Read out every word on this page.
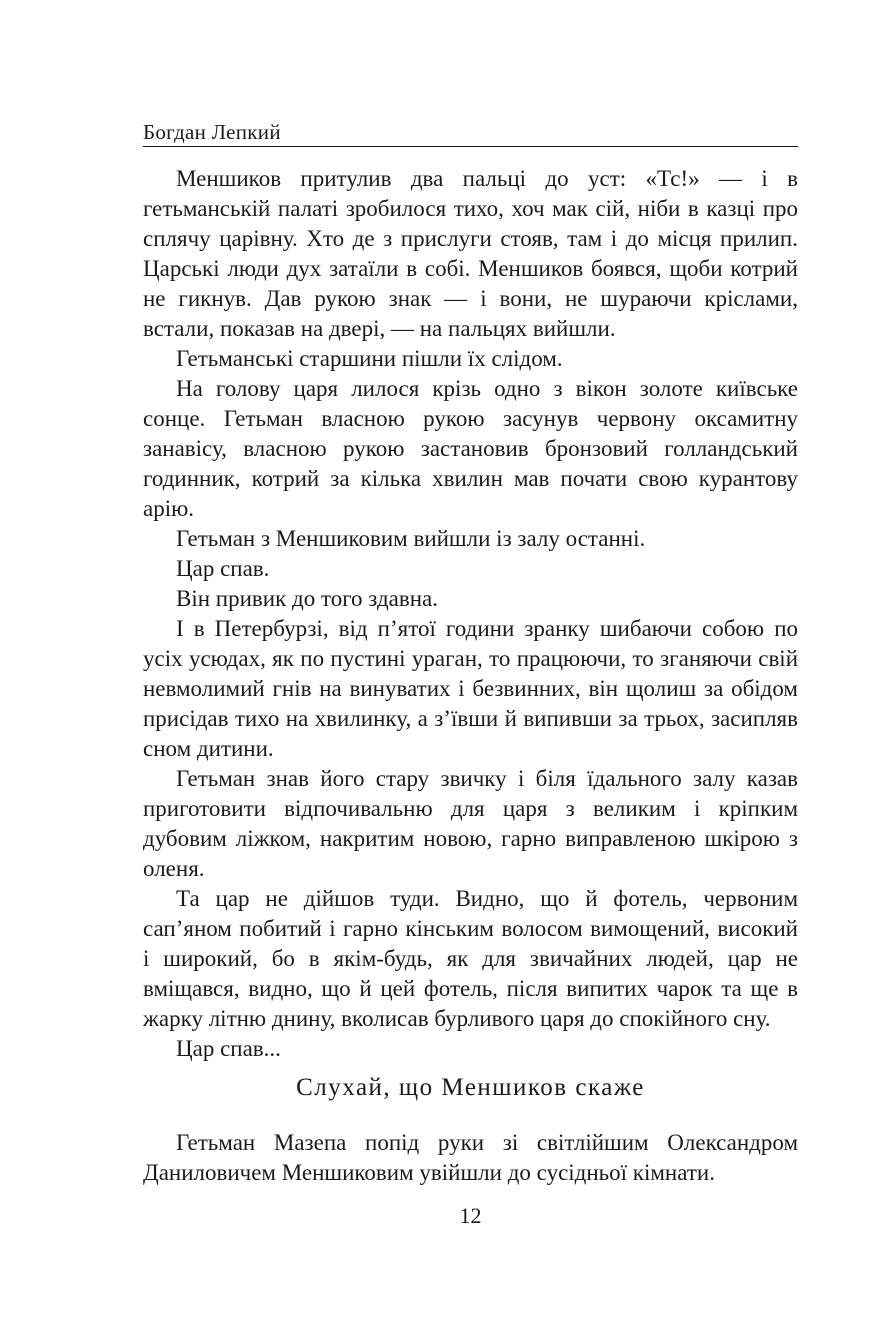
Богдан Лепкий

Меншиков притулив два пальці до уст: «Тс!» — і в гетьманській палаті зробилося тихо, хоч мак сій, ніби в казці про сплячу царівну. Хто де з прислуги стояв, там і до місця прилип. Царські люди дух затаїли в собі. Меншиков боявся, щоби котрий не гикнув. Дав рукою знак — і вони, не шураючи кріслами, встали, показав на двері, — на пальцях вийшли.

Гетьманські старшини пішли їх слідом.

На голову царя лилося крізь одно з вікон золоте київське сонце. Гетьман власною рукою засунув червону оксамитну занавісу, власною рукою застановив бронзовий голландський годинник, котрий за кілька хвилин мав почати свою курантову арію.

Гетьман з Меншиковим вийшли із залу останні.

Цар спав.

Він привик до того здавна.

І в Петербурзі, від п’ятої години зранку шибаючи собою по усіх усюдах, як по пустині ураган, то працюючи, то зганяючи свій невмолимий гнів на винуватих і безвинних, він щолиш за обідом присідав тихо на хвилинку, а з’ївши й випивши за трьох, засипляв сном дитини.

Гетьман знав його стару звичку і біля їдального залу казав приготовити відпочивальню для царя з великим і кріпким дубовим ліжком, накритим новою, гарно виправленою шкірою з оленя.

Та цар не дійшов туди. Видно, що й фотель, червоним сап’яном побитий і гарно кінським волосом вимощений, високий і широкий, бо в якім-будь, як для звичайних людей, цар не вміщався, видно, що й цей фотель, після випитих чарок та ще в жарку літню днину, вколисав бурливого царя до спокійного сну.

Цар спав...

Слухай, що Меншиков скаже

Гетьман Мазепа попід руки зі світлійшим Олександром Даниловичем Меншиковим увійшли до сусідньої кімнати.

12
